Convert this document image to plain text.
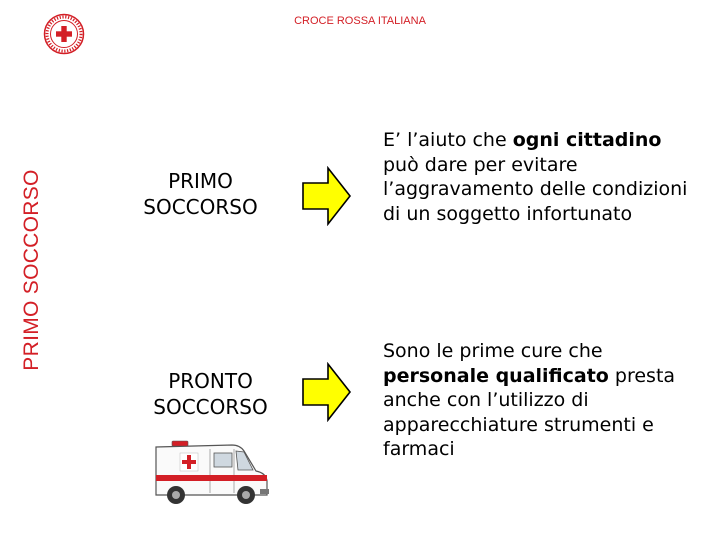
PRIMO SOCCORSO
CROCE ROSSA ITALIANA
PRIMO
SOCCORSO
E’ l’aiuto che ogni cittadino può dare per evitare l’aggravamento delle condizioni di un soggetto infortunato
PRONTO
SOCCORSO
Sono le prime cure che personale qualificato presta anche con l’utilizzo di apparecchiature strumenti e farmaci
